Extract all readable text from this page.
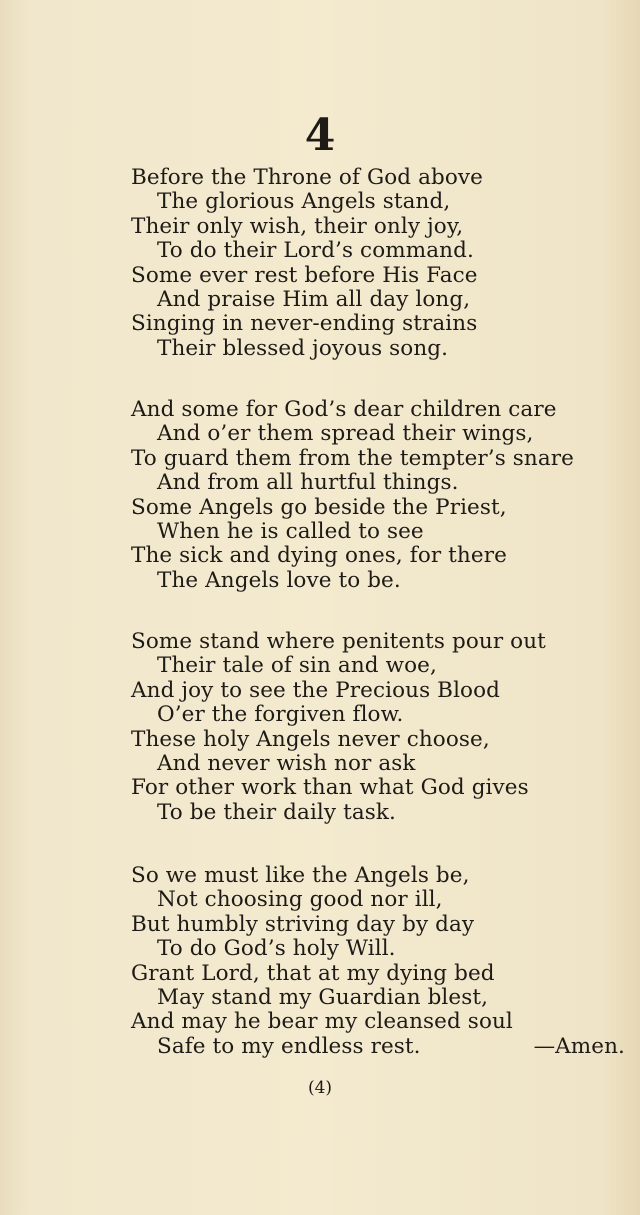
4
Before the Throne of God above
The glorious Angels stand,
Their only wish, their only joy,
To do their Lord’s command.
Some ever rest before His Face
And praise Him all day long,
Singing in never-ending strains
Their blessed joyous song.
And some for God’s dear children care
And o’er them spread their wings,
To guard them from the tempter’s snare
And from all hurtful things.
Some Angels go beside the Priest,
When he is called to see
The sick and dying ones, for there
The Angels love to be.
Some stand where penitents pour out
Their tale of sin and woe,
And joy to see the Precious Blood
O’er the forgiven flow.
These holy Angels never choose,
And never wish nor ask
For other work than what God gives
To be their daily task.
So we must like the Angels be,
Not choosing good nor ill,
But humbly striving day by day
To do God’s holy Will.
Grant Lord, that at my dying bed
May stand my Guardian blest,
And may he bear my cleansed soul
Safe to my endless rest.	—Amen.
(4)
